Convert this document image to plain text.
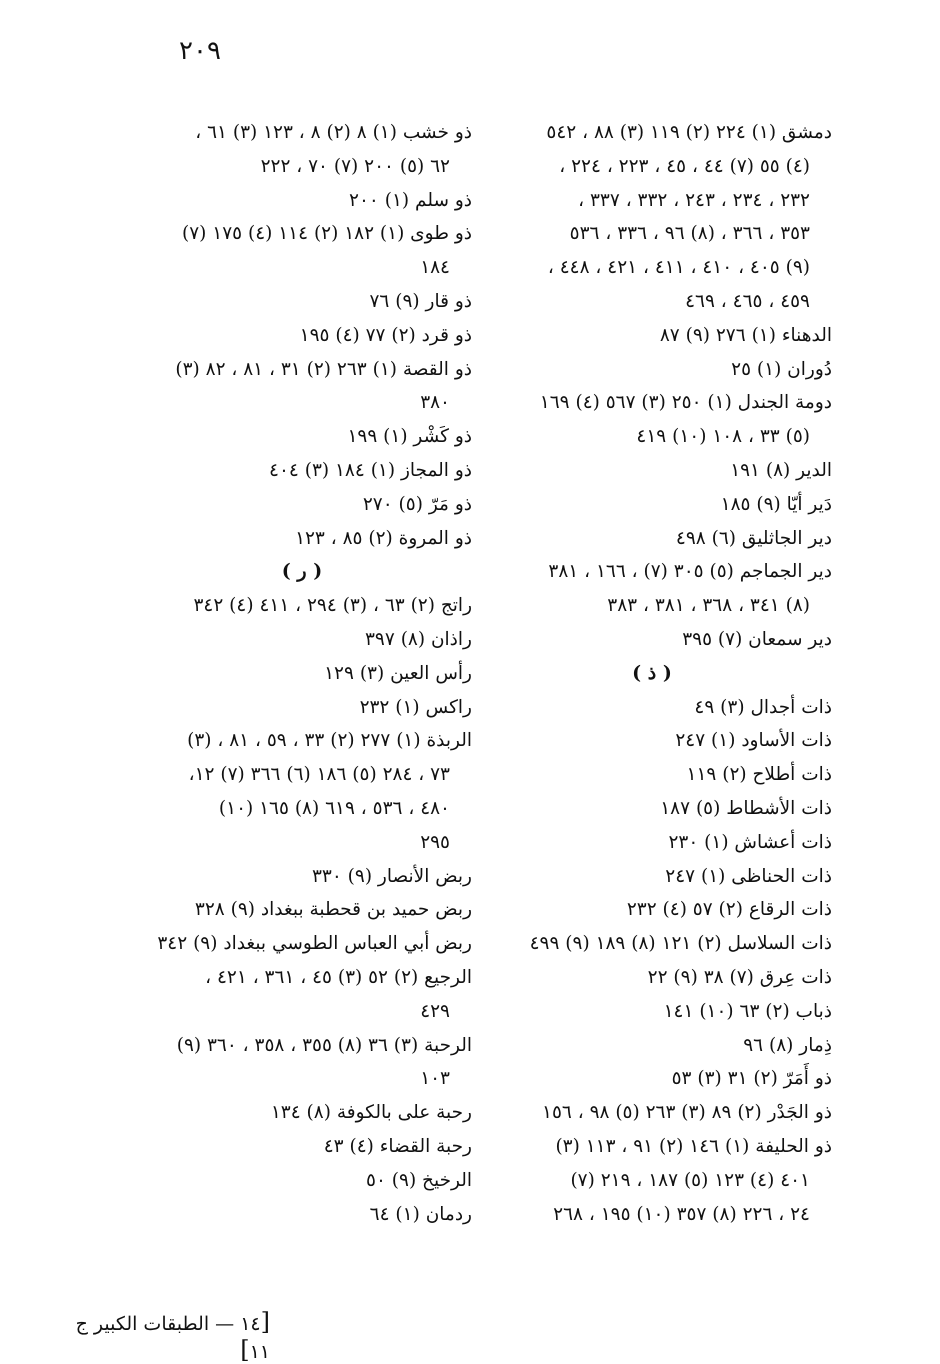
٢٠٩
دمشق (١) ٢٢٤ (٢) ١١٩ (٣) ٨٨ ، ٥٤٢
(٤) ٥٥ (٧) ٤٤ ، ٤٥ ، ٢٢٣ ، ٢٢٤ ،
٢٣٢ ، ٢٣٤ ، ٢٤٣ ، ٣٣٢ ، ٣٣٧ ،
٣٥٣ ، ٣٦٦ ، (٨) ٩٦ ، ٣٣٦ ، ٥٣٦
(٩) ٤٠٥ ، ٤١٠ ، ٤١١ ، ٤٢١ ، ٤٤٨ ،
٤٥٩ ، ٤٦٥ ، ٤٦٩
الدهناء (١) ٢٧٦ (٩) ٨٧
دُوران (١) ٢٥
دومة الجندل (١) ٢٥٠ (٣) ٥٦٧ (٤) ١٦٩
(٥) ٣٣ ، ١٠٨ (١٠) ٤١٩
الدير (٨) ١٩١
دَير أيّا (٩) ١٨٥
دير الجاثليق (٦) ٤٩٨
دير الجماجم (٥) ٣٠٥ (٧) ، ١٦٦ ، ٣٨١
(٨) ٣٤١ ، ٣٦٨ ، ٣٨١ ، ٣٨٣
دير سمعان (٧) ٣٩٥
( ذ )
ذات أجدال (٣) ٤٩
ذات الأساود (١) ٢٤٧
ذات أطلاح (٢) ١١٩
ذات الأشطاط (٥) ١٨٧
ذات أعشاش (١) ٢٣٠
ذات الحناظى (١) ٢٤٧
ذات الرقاع (٢) ٥٧ (٤) ٢٣٢
ذات السلاسل (٢) ١٢١ (٨) ١٨٩ (٩) ٤٩٩
ذات عِرق (٧) ٣٨ (٩) ٢٢
ذباب (٢) ٦٣ (١٠) ١٤١
ذِمار (٨) ٩٦
ذو أَمَرّ (٢) ٣١ (٣) ٥٣
ذو الجَدْر (٢) ٨٩ (٣) ٢٦٣ (٥) ٩٨ ، ١٥٦
ذو الحليفة (١) ١٤٦ (٢) ٩١ ، ١١٣ (٣)
٤٠١ (٤) ١٢٣ (٥) ١٨٧ ، ٢١٩ (٧)
٢٤ ، ٢٢٦ (٨) ٣٥٧ (١٠) ١٩٥ ، ٢٦٨
ذو خشب (١) ٨ (٢) ٨ ، ١٢٣ (٣) ٦١ ،
٦٢ (٥) ٢٠٠ (٧) ٧٠ ، ٢٢٢
ذو سلم (١) ٢٠٠
ذو طوى (١) ١٨٢ (٢) ١١٤ (٤) ١٧٥ (٧)
١٨٤
ذو قار (٩) ٧٦
ذو قرد (٢) ٧٧ (٤) ١٩٥
ذو القصة (١) ٢٦٣ (٢) ٣١ ، ٨١ ، ٨٢ (٣)
٣٨٠
ذو كَشْر (١) ١٩٩
ذو المجاز (١) ١٨٤ (٣) ٤٠٤
ذو مَرّ (٥) ٢٧٠
ذو المروة (٢) ٨٥ ، ١٢٣
( ر )
راتج (٢) ٦٣ ، (٣) ٢٩٤ ، ٤١١ (٤) ٣٤٢
راذان (٨) ٣٩٧
رأس العين (٣) ١٢٩
راكس (١) ٢٣٢
الربذة (١) ٢٧٧ (٢) ٣٣ ، ٥٩ ، ٨١ ، (٣)
٧٣ ، ٢٨٤ (٥) ١٨٦ (٦) ٣٦٦ (٧) ١٢،
٤٨٠ ، ٥٣٦ ، ٦١٩ (٨) ١٦٥ (١٠)
٢٩٥
ربض الأنصار (٩) ٣٣٠
ربض حميد بن قحطبة ببغداد (٩) ٣٢٨
ربض أبي العباس الطوسي ببغداد (٩) ٣٤٢
الرجيع (٢) ٥٢ (٣) ٤٥ ، ٣٦١ ، ٤٢١ ،
٤٢٩
الرحبة (٣) ٣٦ (٨) ٣٥٥ ، ٣٥٨ ، ٣٦٠ (٩)
١٠٣
رحبة على بالكوفة (٨) ١٣٤
رحبة القضاء (٤) ٤٣
الرخيخ (٩) ٥٠
ردمان (١) ٦٤
[١٤ — الطبقات الكبير ج ١١]
